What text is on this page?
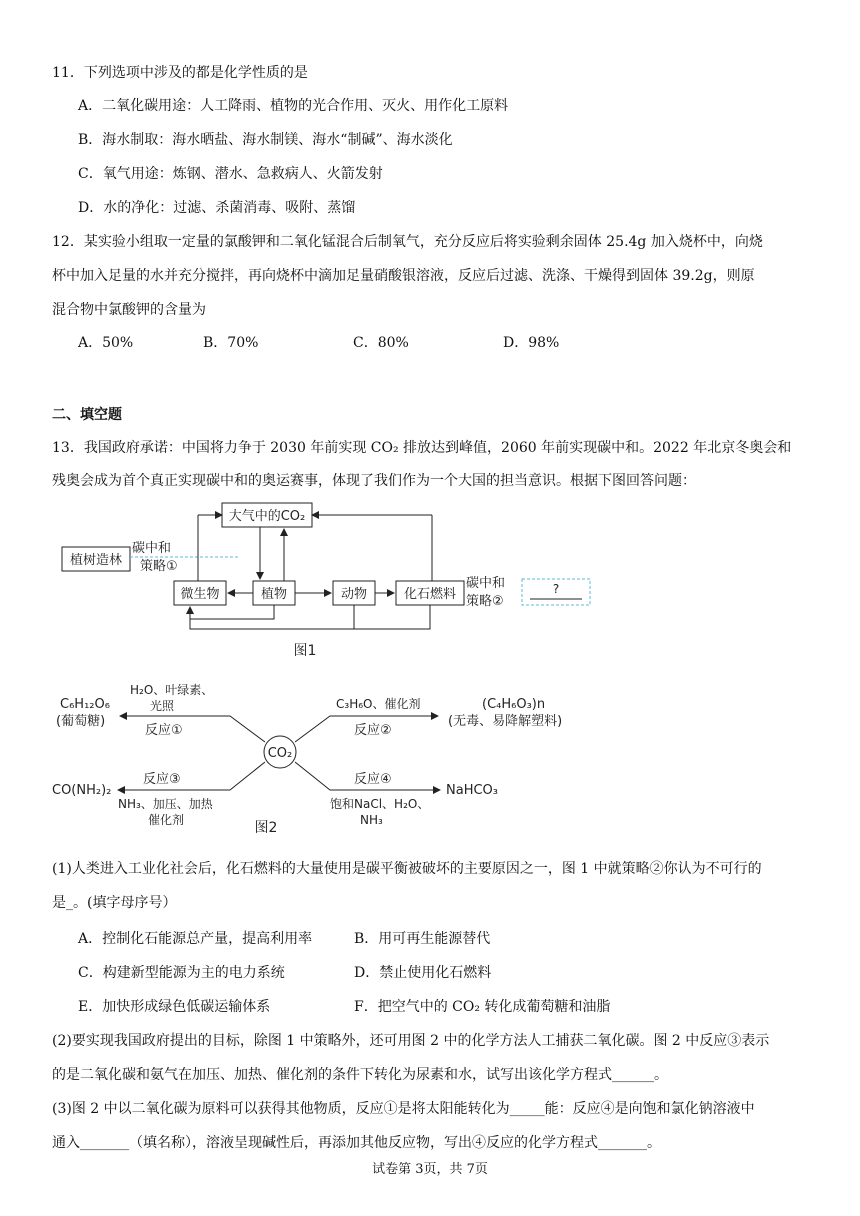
11．下列选项中涉及的都是化学性质的是
A．二氧化碳用途：人工降雨、植物的光合作用、灭火、用作化工原料
B．海水制取：海水晒盐、海水制镁、海水“制碱”、海水淡化
C．氧气用途：炼钢、潜水、急救病人、火箭发射
D．水的净化：过滤、杀菌消毒、吸附、蒸馏
12．某实验小组取一定量的氯酸钾和二氧化锰混合后制氧气，充分反应后将实验剩余固体 25.4g 加入烧杯中，向烧
杯中加入足量的水并充分搅拌，再向烧杯中滴加足量硝酸银溶液，反应后过滤、洗涤、干燥得到固体 39.2g，则原
混合物中氯酸钾的含量为
A．50%	B．70%	C．80%	D．98%
二、填空题
13．我国政府承诺：中国将力争于 2030 年前实现 CO₂ 排放达到峰值，2060 年前实现碳中和。2022 年北京冬奥会和
残奥会成为首个真正实现碳中和的奥运赛事，体现了我们作为一个大国的担当意识。根据下图回答问题：
大气中的CO₂
植树造林
碳中和
策略①
微生物	植物	动物	化石燃料
碳中和
策略②
?
图1
CO₂
C₆H₁₂O₆
(葡萄糖)
H₂O、叶绿素、
光照
反应①
C₃H₆O、催化剂
反应②
(C₄H₆O₃)n
(无毒、易降解塑料)
CO(NH₂)₂
反应③
NH₃、加压、加热
催化剂
反应④
饱和NaCl、H₂O、
NH₃
NaHCO₃
图2
(1)人类进入工业化社会后，化石燃料的大量使用是碳平衡被破坏的主要原因之一，图 1 中就策略②你认为不可行的
是_。(填字母序号）
A．控制化石能源总产量，提高利用率	B．用可再生能源替代
C．构建新型能源为主的电力系统	D．禁止使用化石燃料
E．加快形成绿色低碳运输体系	F．把空气中的 CO₂ 转化成葡萄糖和油脂
(2)要实现我国政府提出的目标，除图 1 中策略外，还可用图 2 中的化学方法人工捕获二氧化碳。图 2 中反应③表示
的是二氧化碳和氨气在加压、加热、催化剂的条件下转化为尿素和水，试写出该化学方程式______。
(3)图 2 中以二氧化碳为原料可以获得其他物质，反应①是将太阳能转化为_____能：反应④是向饱和氯化钠溶液中
通入_______（填名称），溶液呈现碱性后，再添加其他反应物，写出④反应的化学方程式_______。
试卷第 3页，共 7页
